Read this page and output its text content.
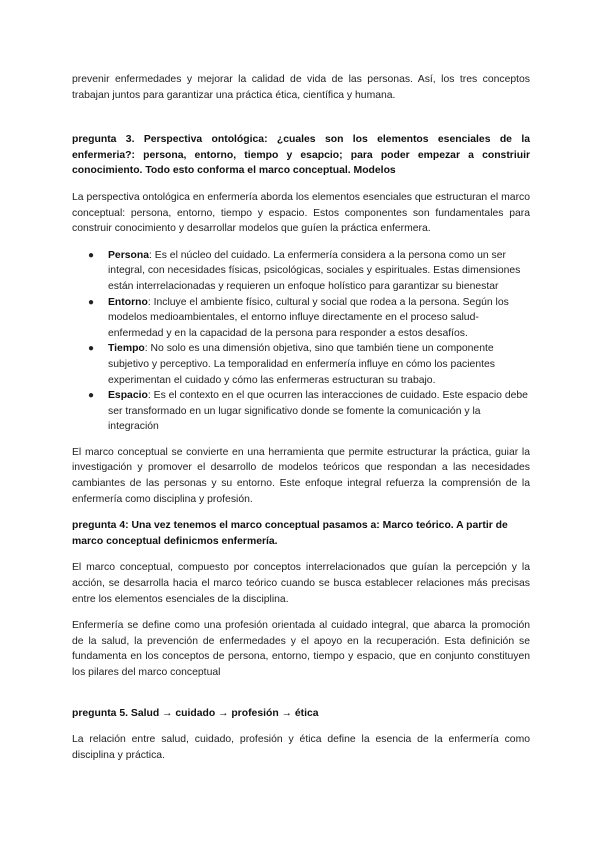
prevenir enfermedades y mejorar la calidad de vida de las personas. Así, los tres conceptos trabajan juntos para garantizar una práctica ética, científica y humana.

pregunta 3. Perspectiva ontológica: ¿cuales son los elementos esenciales de la enfermeria?: persona, entorno, tiempo y esapcio; para poder empezar a constriuir conocimiento. Todo esto conforma el marco conceptual. Modelos

La perspectiva ontológica en enfermería aborda los elementos esenciales que estructuran el marco conceptual: persona, entorno, tiempo y espacio. Estos componentes son fundamentales para construir conocimiento y desarrollar modelos que guíen la práctica enfermera.

● Persona: Es el núcleo del cuidado. La enfermería considera a la persona como un ser integral, con necesidades físicas, psicológicas, sociales y espirituales. Estas dimensiones están interrelacionadas y requieren un enfoque holístico para garantizar su bienestar
● Entorno: Incluye el ambiente físico, cultural y social que rodea a la persona. Según los modelos medioambientales, el entorno influye directamente en el proceso salud-enfermedad y en la capacidad de la persona para responder a estos desafíos.
● Tiempo: No solo es una dimensión objetiva, sino que también tiene un componente subjetivo y perceptivo. La temporalidad en enfermería influye en cómo los pacientes experimentan el cuidado y cómo las enfermeras estructuran su trabajo.
● Espacio: Es el contexto en el que ocurren las interacciones de cuidado. Este espacio debe ser transformado en un lugar significativo donde se fomente la comunicación y la integración

El marco conceptual se convierte en una herramienta que permite estructurar la práctica, guiar la investigación y promover el desarrollo de modelos teóricos que respondan a las necesidades cambiantes de las personas y su entorno. Este enfoque integral refuerza la comprensión de la enfermería como disciplina y profesión.

pregunta 4: Una vez tenemos el marco conceptual pasamos a: Marco teórico. A partir de marco conceptual definicmos enfermería.

El marco conceptual, compuesto por conceptos interrelacionados que guían la percepción y la acción, se desarrolla hacia el marco teórico cuando se busca establecer relaciones más precisas entre los elementos esenciales de la disciplina.

Enfermería se define como una profesión orientada al cuidado integral, que abarca la promoción de la salud, la prevención de enfermedades y el apoyo en la recuperación. Esta definición se fundamenta en los conceptos de persona, entorno, tiempo y espacio, que en conjunto constituyen los pilares del marco conceptual

pregunta 5. Salud → cuidado → profesión → ética

La relación entre salud, cuidado, profesión y ética define la esencia de la enfermería como disciplina y práctica.
